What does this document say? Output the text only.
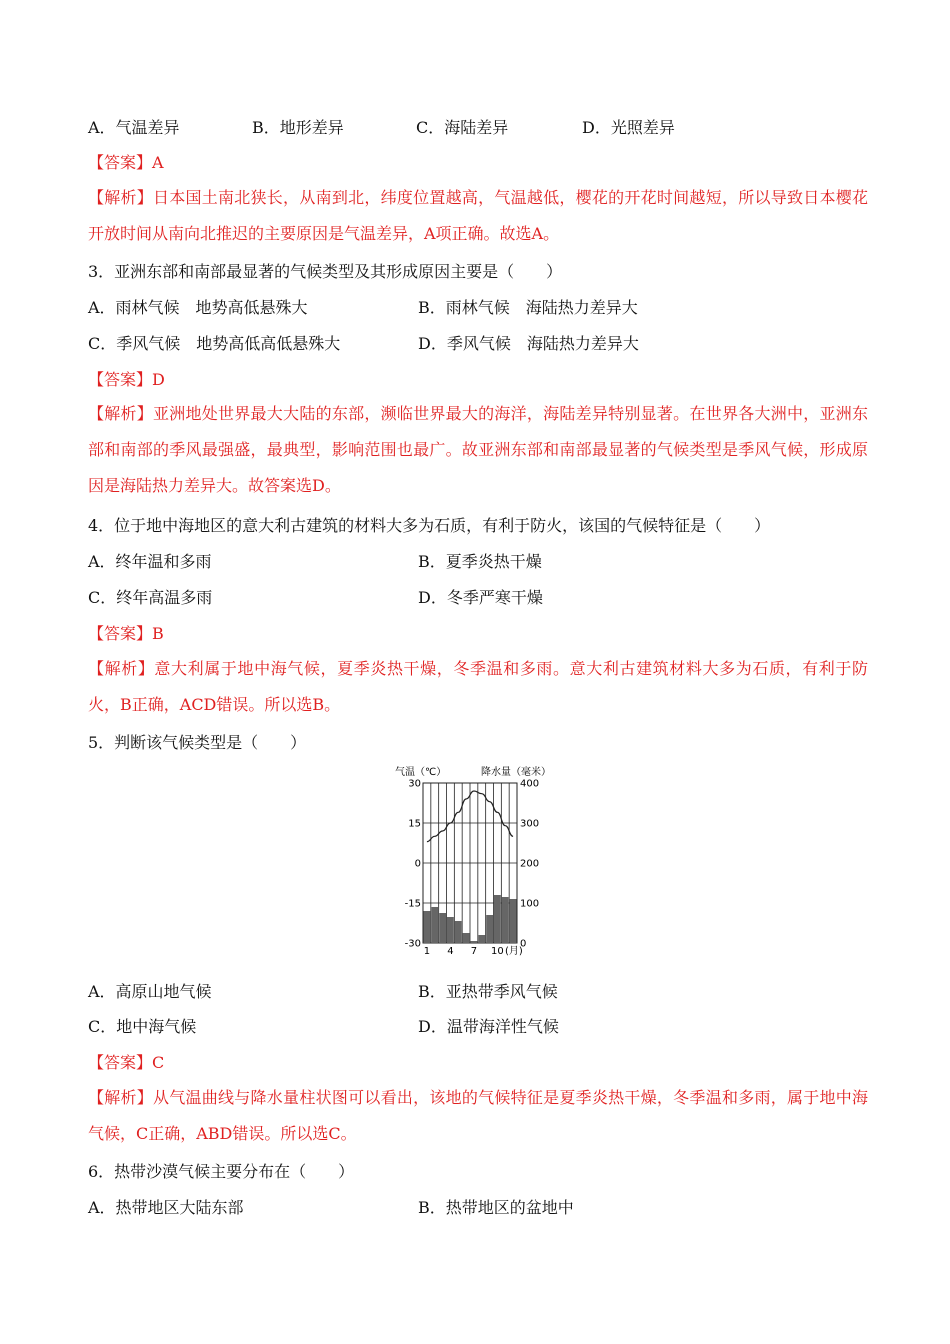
A．气温差异	B．地形差异	C．海陆差异	D．光照差异
【答案】A
【解析】日本国土南北狭长，从南到北，纬度位置越高，气温越低，樱花的开花时间越短，所以导致日本樱花开放时间从南向北推迟的主要原因是气温差异，A项正确。故选A。
3．亚洲东部和南部最显著的气候类型及其形成原因主要是（　　）
A．雨林气候　地势高低悬殊大	B．雨林气候　海陆热力差异大
C．季风气候　地势高低高低悬殊大	D．季风气候　海陆热力差异大
【答案】D
【解析】亚洲地处世界最大大陆的东部，濒临世界最大的海洋，海陆差异特别显著。在世界各大洲中，亚洲东部和南部的季风最强盛，最典型，影响范围也最广。故亚洲东部和南部最显著的气候类型是季风气候，形成原因是海陆热力差异大。故答案选D。
4．位于地中海地区的意大利古建筑的材料大多为石质，有利于防火，该国的气候特征是（　　）
A．终年温和多雨	B．夏季炎热干燥
C．终年高温多雨	D．冬季严寒干燥
【答案】B
【解析】意大利属于地中海气候，夏季炎热干燥，冬季温和多雨。意大利古建筑材料大多为石质，有利于防火，B正确，ACD错误。所以选B。
5．判断该气候类型是（　　）
气温（℃）	降水量（毫米）
30
15
0
-15
-30
400
300
200
100
0
1 4 7 10 (月)
A．高原山地气候	B．亚热带季风气候
C．地中海气候	D．温带海洋性气候
【答案】C
【解析】从气温曲线与降水量柱状图可以看出，该地的气候特征是夏季炎热干燥，冬季温和多雨，属于地中海气候，C正确，ABD错误。所以选C。
6．热带沙漠气候主要分布在（　　）
A．热带地区大陆东部	B．热带地区的盆地中
